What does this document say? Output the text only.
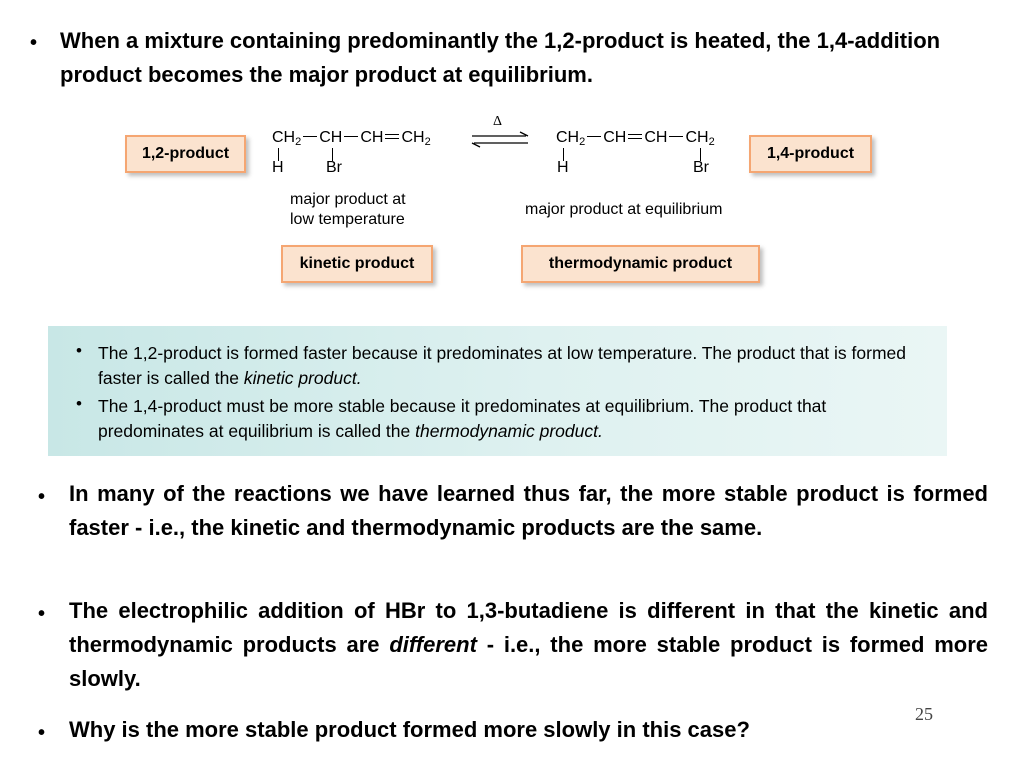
• When a mixture containing predominantly the 1,2-product is heated, the 1,4-addition product becomes the major product at equilibrium.
1,2-product
$CH_2$ CH CH $CH_2$
H	Br
Δ
$CH_2$ CH CH $CH_2$
H	Br
1,4-product
major product at
low temperature
major product at equilibrium
kinetic product	thermodynamic product
• The 1,2-product is formed faster because it predominates at low temperature. The product that is formed faster is called the kinetic product.
• The 1,4-product must be more stable because it predominates at equilibrium. The product that predominates at equilibrium is called the thermodynamic product.
• In many of the reactions we have learned thus far, the more stable product is formed faster - i.e., the kinetic and thermodynamic products are the same.
• The electrophilic addition of HBr to 1,3-butadiene is different in that the kinetic and thermodynamic products are different - i.e., the more stable product is formed more slowly.
25
• Why is the more stable product formed more slowly in this case?
